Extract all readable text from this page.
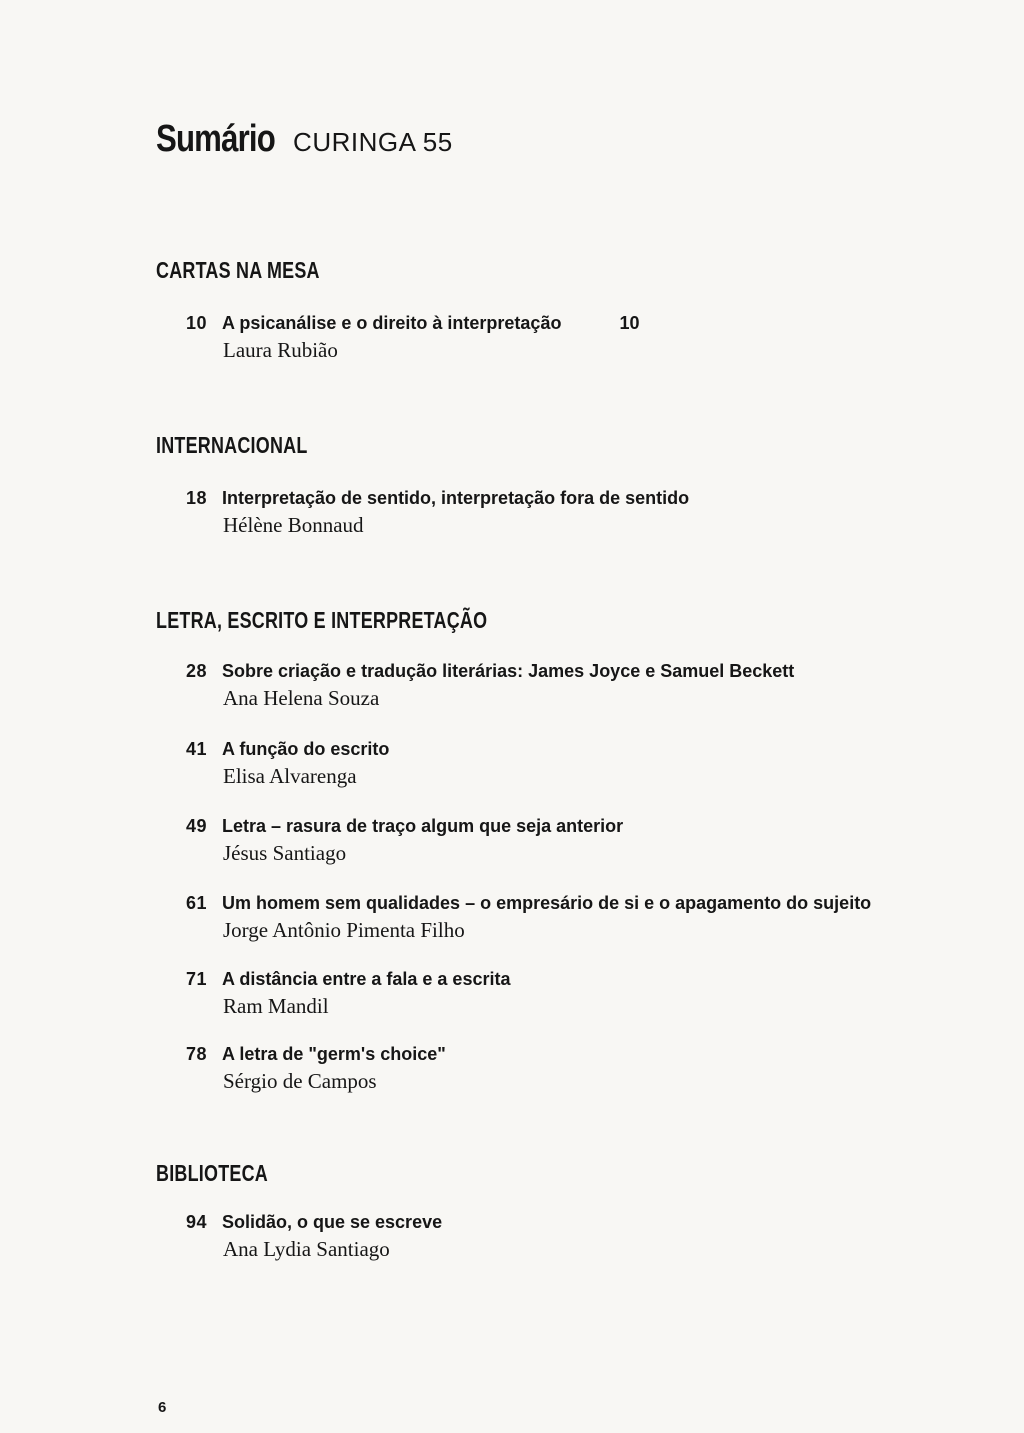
Sumário CURINGA 55
CARTAS NA MESA
10 A psicanálise e o direito à interpretação	10
Laura Rubião
INTERNACIONAL
18 Interpretação de sentido, interpretação fora de sentido
Hélène Bonnaud
LETRA, ESCRITO E INTERPRETAÇÃO
28 Sobre criação e tradução literárias: James Joyce e Samuel Beckett
Ana Helena Souza
41 A função do escrito
Elisa Alvarenga
49 Letra – rasura de traço algum que seja anterior
Jésus Santiago
61 Um homem sem qualidades – o empresário de si e o apagamento do sujeito
Jorge Antônio Pimenta Filho
71 A distância entre a fala e a escrita
Ram Mandil
78 A letra de "germ's choice"
Sérgio de Campos
BIBLIOTECA
94 Solidão, o que se escreve
Ana Lydia Santiago
6
